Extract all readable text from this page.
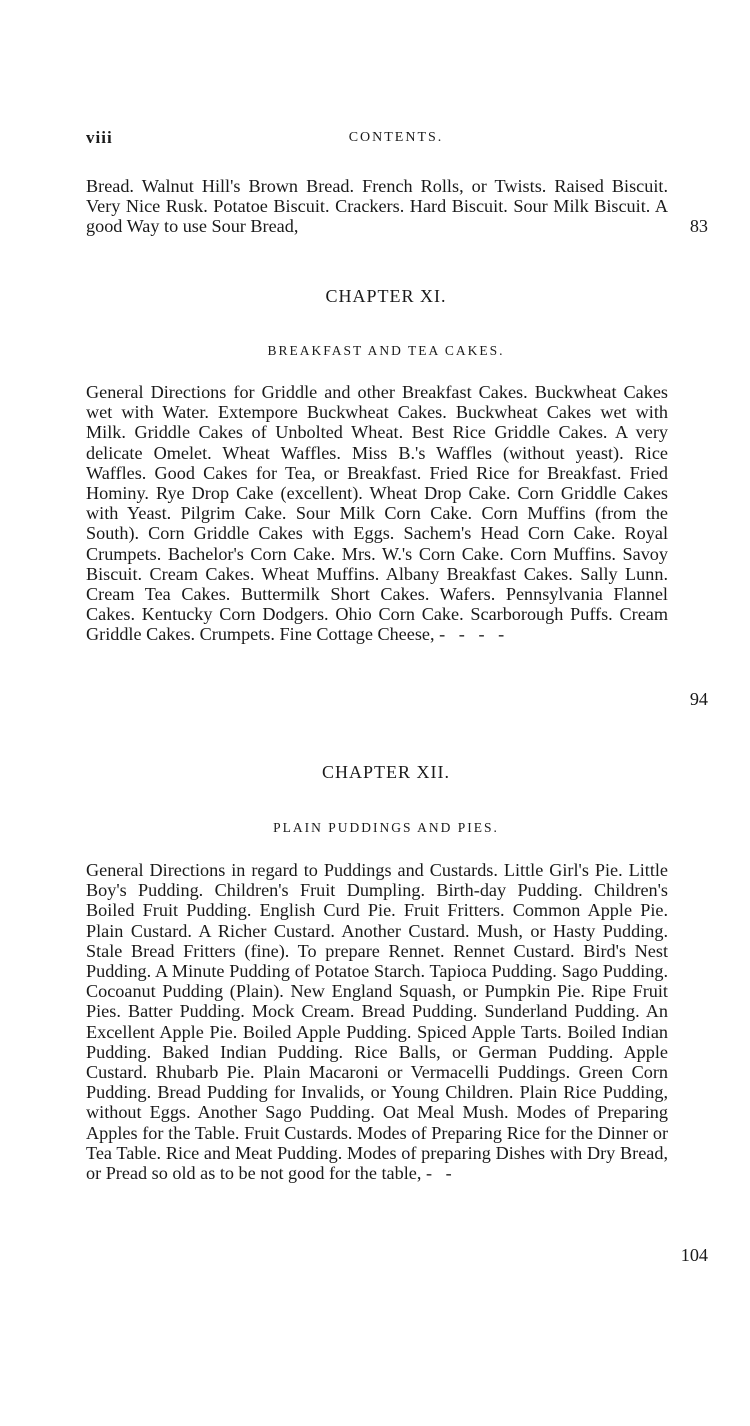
viii	CONTENTS.
Bread. Walnut Hill's Brown Bread. French Rolls, or Twists. Raised Biscuit. Very Nice Rusk. Potatoe Biscuit. Crackers. Hard Biscuit. Sour Milk Biscuit. A good Way to use Sour Bread,	83
CHAPTER XI.
BREAKFAST AND TEA CAKES.
General Directions for Griddle and other Breakfast Cakes. Buckwheat Cakes wet with Water. Extempore Buckwheat Cakes. Buckwheat Cakes wet with Milk. Griddle Cakes of Unbolted Wheat. Best Rice Griddle Cakes. A very delicate Omelet. Wheat Waffles. Miss B.'s Waffles (without yeast). Rice Waffles. Good Cakes for Tea, or Breakfast. Fried Rice for Breakfast. Fried Hominy. Rye Drop Cake (excellent). Wheat Drop Cake. Corn Griddle Cakes with Yeast. Pilgrim Cake. Sour Milk Corn Cake. Corn Muffins (from the South). Corn Griddle Cakes with Eggs. Sachem's Head Corn Cake. Royal Crumpets. Bachelor's Corn Cake. Mrs. W.'s Corn Cake. Corn Muffins. Savoy Biscuit. Cream Cakes. Wheat Muffins. Albany Breakfast Cakes. Sally Lunn. Cream Tea Cakes. Buttermilk Short Cakes. Wafers. Pennsylvania Flannel Cakes. Kentucky Corn Dodgers. Ohio Corn Cake. Scarborough Puffs. Cream Griddle Cakes. Crumpets. Fine Cottage Cheese, -   -   -   -
94
CHAPTER XII.
PLAIN PUDDINGS AND PIES.
General Directions in regard to Puddings and Custards. Little Girl's Pie. Little Boy's Pudding. Children's Fruit Dumpling. Birth-day Pudding. Children's Boiled Fruit Pudding. English Curd Pie. Fruit Fritters. Common Apple Pie. Plain Custard. A Richer Custard. Another Custard. Mush, or Hasty Pudding. Stale Bread Fritters (fine). To prepare Rennet. Rennet Custard. Bird's Nest Pudding. A Minute Pudding of Potatoe Starch. Tapioca Pudding. Sago Pudding. Cocoanut Pudding (Plain). New England Squash, or Pumpkin Pie. Ripe Fruit Pies. Batter Pudding. Mock Cream. Bread Pudding. Sunderland Pudding. An Excellent Apple Pie. Boiled Apple Pudding. Spiced Apple Tarts. Boiled Indian Pudding. Baked Indian Pudding. Rice Balls, or German Pudding. Apple Custard. Rhubarb Pie. Plain Macaroni or Vermacelli Puddings. Green Corn Pudding. Bread Pudding for Invalids, or Young Children. Plain Rice Pudding, without Eggs. Another Sago Pudding. Oat Meal Mush. Modes of Preparing Apples for the Table. Fruit Custards. Modes of Preparing Rice for the Dinner or Tea Table. Rice and Meat Pudding. Modes of preparing Dishes with Dry Bread, or Pread so old as to be not good for the table, -   -
104
